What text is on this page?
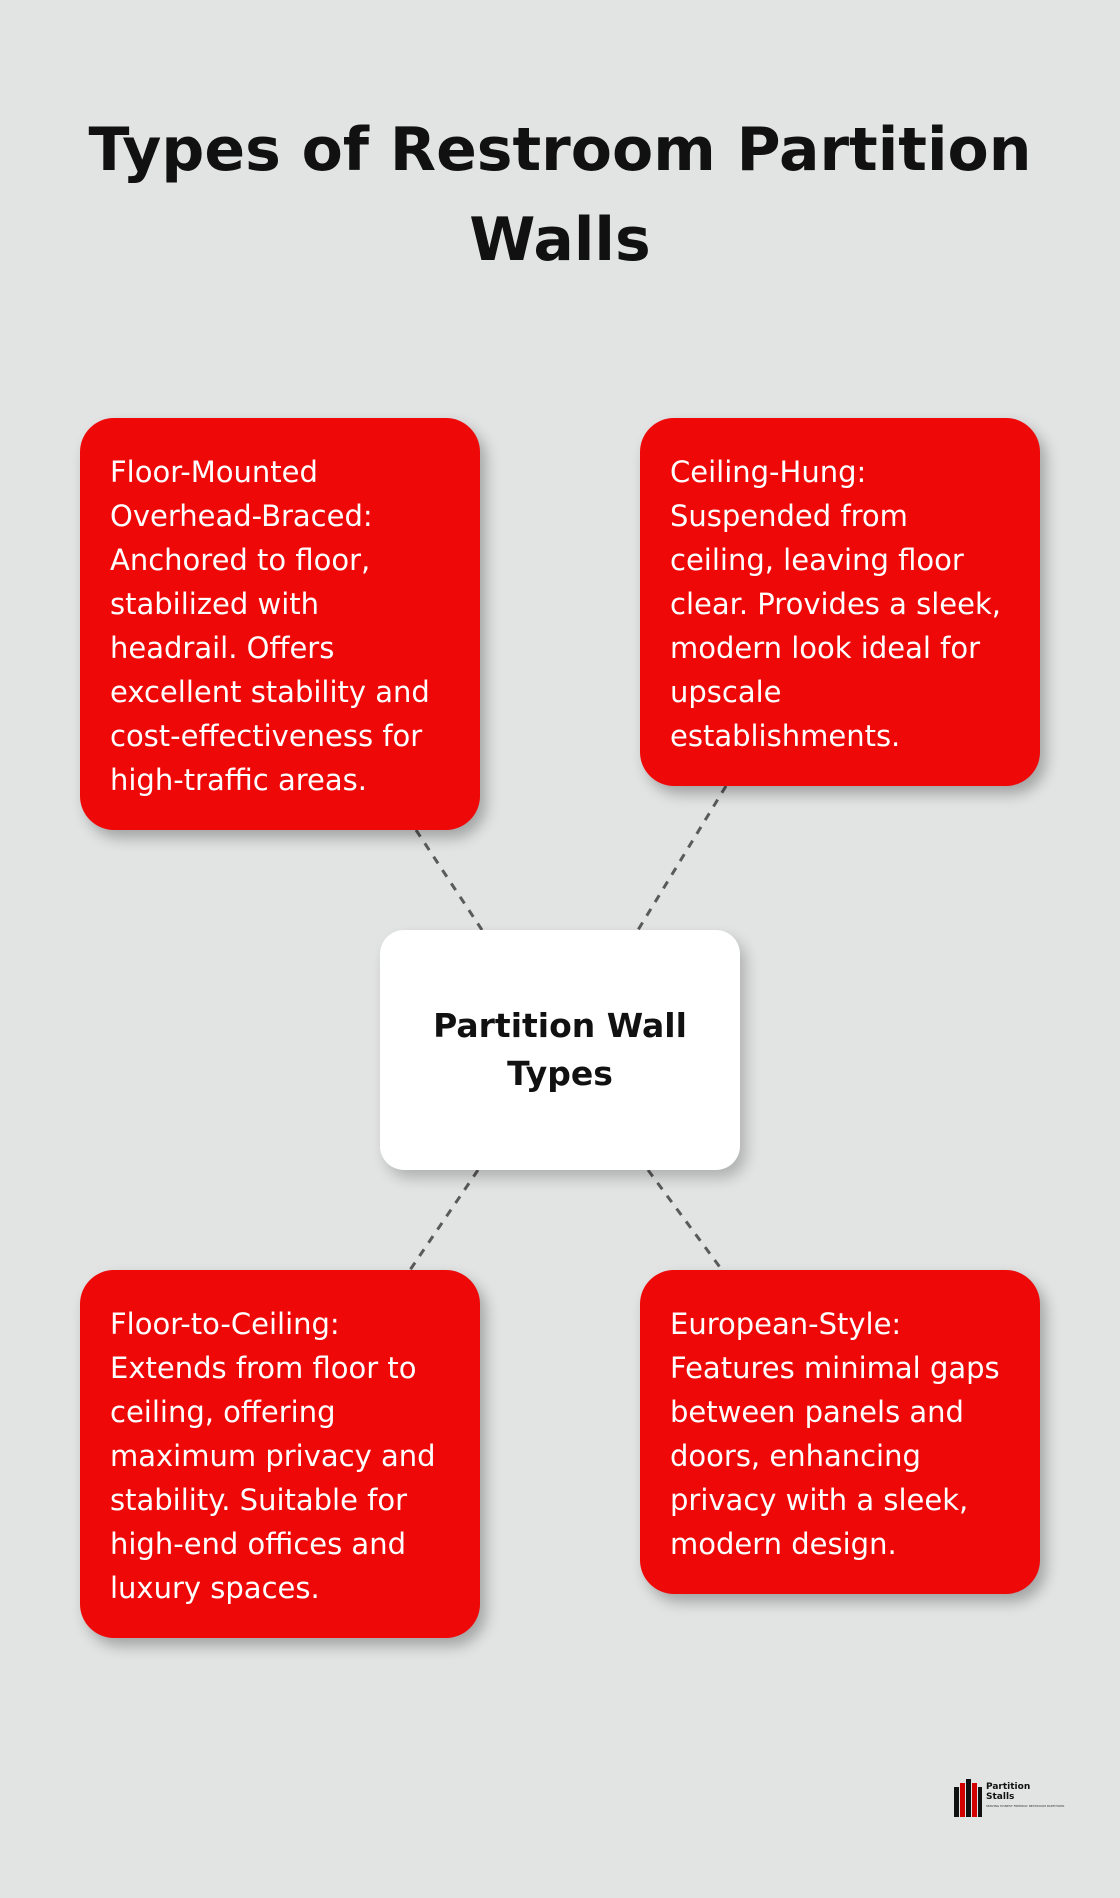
Types of Restroom Partition Walls
Floor-Mounted Overhead-Braced: Anchored to floor, stabilized with headrail. Offers excellent stability and cost-effectiveness for high-traffic areas.
Ceiling-Hung: Suspended from ceiling, leaving floor clear. Provides a sleek, modern look ideal for upscale establishments.
Partition Wall Types
Floor-to-Ceiling: Extends from floor to ceiling, offering maximum privacy and stability. Suitable for high-end offices and luxury spaces.
European-Style: Features minimal gaps between panels and doors, enhancing privacy with a sleek, modern design.
Partition Stalls
SERVING HONEST FRIENDLY RESTROOM PARTITIONS
